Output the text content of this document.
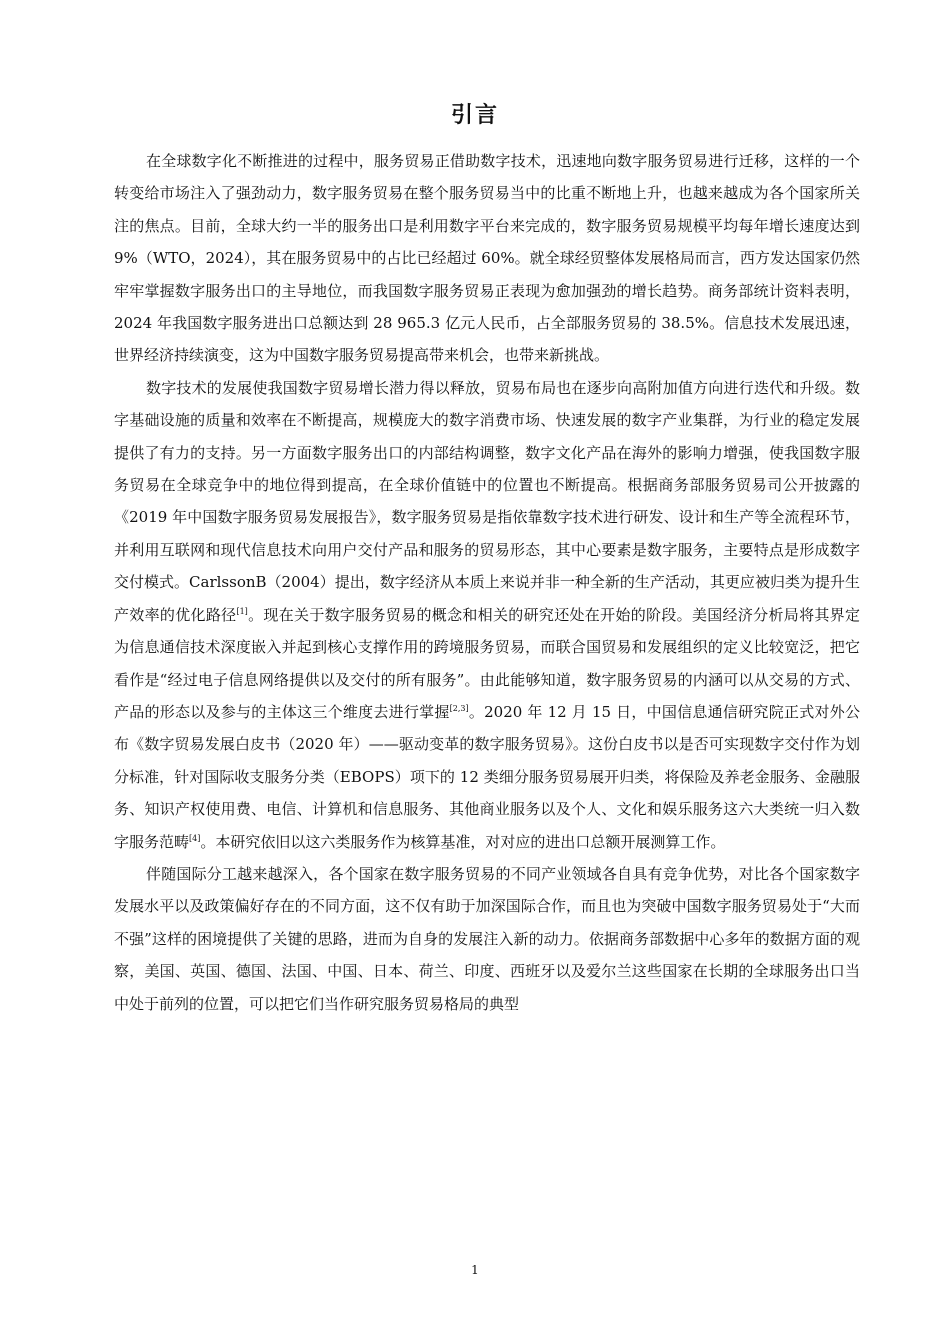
引言

在全球数字化不断推进的过程中，服务贸易正借助数字技术，迅速地向数字服务贸易进行迁移，这样的一个转变给市场注入了强劲动力，数字服务贸易在整个服务贸易当中的比重不断地上升，也越来越成为各个国家所关注的焦点。目前，全球大约一半的服务出口是利用数字平台来完成的，数字服务贸易规模平均每年增长速度达到 9%（WTO，2024），其在服务贸易中的占比已经超过 60%。就全球经贸整体发展格局而言，西方发达国家仍然牢牢掌握数字服务出口的主导地位，而我国数字服务贸易正表现为愈加强劲的增长趋势。商务部统计资料表明，2024 年我国数字服务进出口总额达到 28 965.3 亿元人民币，占全部服务贸易的 38.5%。信息技术发展迅速，世界经济持续演变，这为中国数字服务贸易提高带来机会，也带来新挑战。

数字技术的发展使我国数字贸易增长潜力得以释放，贸易布局也在逐步向高附加值方向进行迭代和升级。数字基础设施的质量和效率在不断提高，规模庞大的数字消费市场、快速发展的数字产业集群，为行业的稳定发展提供了有力的支持。另一方面数字服务出口的内部结构调整，数字文化产品在海外的影响力增强，使我国数字服务贸易在全球竞争中的地位得到提高，在全球价值链中的位置也不断提高。根据商务部服务贸易司公开披露的《2019 年中国数字服务贸易发展报告》，数字服务贸易是指依靠数字技术进行研发、设计和生产等全流程环节，并利用互联网和现代信息技术向用户交付产品和服务的贸易形态，其中心要素是数字服务，主要特点是形成数字交付模式。CarlssonB（2004）提出，数字经济从本质上来说并非一种全新的生产活动，其更应被归类为提升生产效率的优化路径[1]。现在关于数字服务贸易的概念和相关的研究还处在开始的阶段。美国经济分析局将其界定为信息通信技术深度嵌入并起到核心支撑作用的跨境服务贸易，而联合国贸易和发展组织的定义比较宽泛，把它看作是“经过电子信息网络提供以及交付的所有服务”。由此能够知道，数字服务贸易的内涵可以从交易的方式、产品的形态以及参与的主体这三个维度去进行掌握[2,3]。2020 年 12 月 15 日，中国信息通信研究院正式对外公布《数字贸易发展白皮书（2020 年）——驱动变革的数字服务贸易》。这份白皮书以是否可实现数字交付作为划分标准，针对国际收支服务分类（EBOPS）项下的 12 类细分服务贸易展开归类，将保险及养老金服务、金融服务、知识产权使用费、电信、计算机和信息服务、其他商业服务以及个人、文化和娱乐服务这六大类统一归入数字服务范畴[4]。本研究依旧以这六类服务作为核算基准，对对应的进出口总额开展测算工作。

伴随国际分工越来越深入，各个国家在数字服务贸易的不同产业领域各自具有竞争优势，对比各个国家数字发展水平以及政策偏好存在的不同方面，这不仅有助于加深国际合作，而且也为突破中国数字服务贸易处于“大而不强”这样的困境提供了关键的思路，进而为自身的发展注入新的动力。依据商务部数据中心多年的数据方面的观察，美国、英国、德国、法国、中国、日本、荷兰、印度、西班牙以及爱尔兰这些国家在长期的全球服务出口当中处于前列的位置，可以把它们当作研究服务贸易格局的典型

1
